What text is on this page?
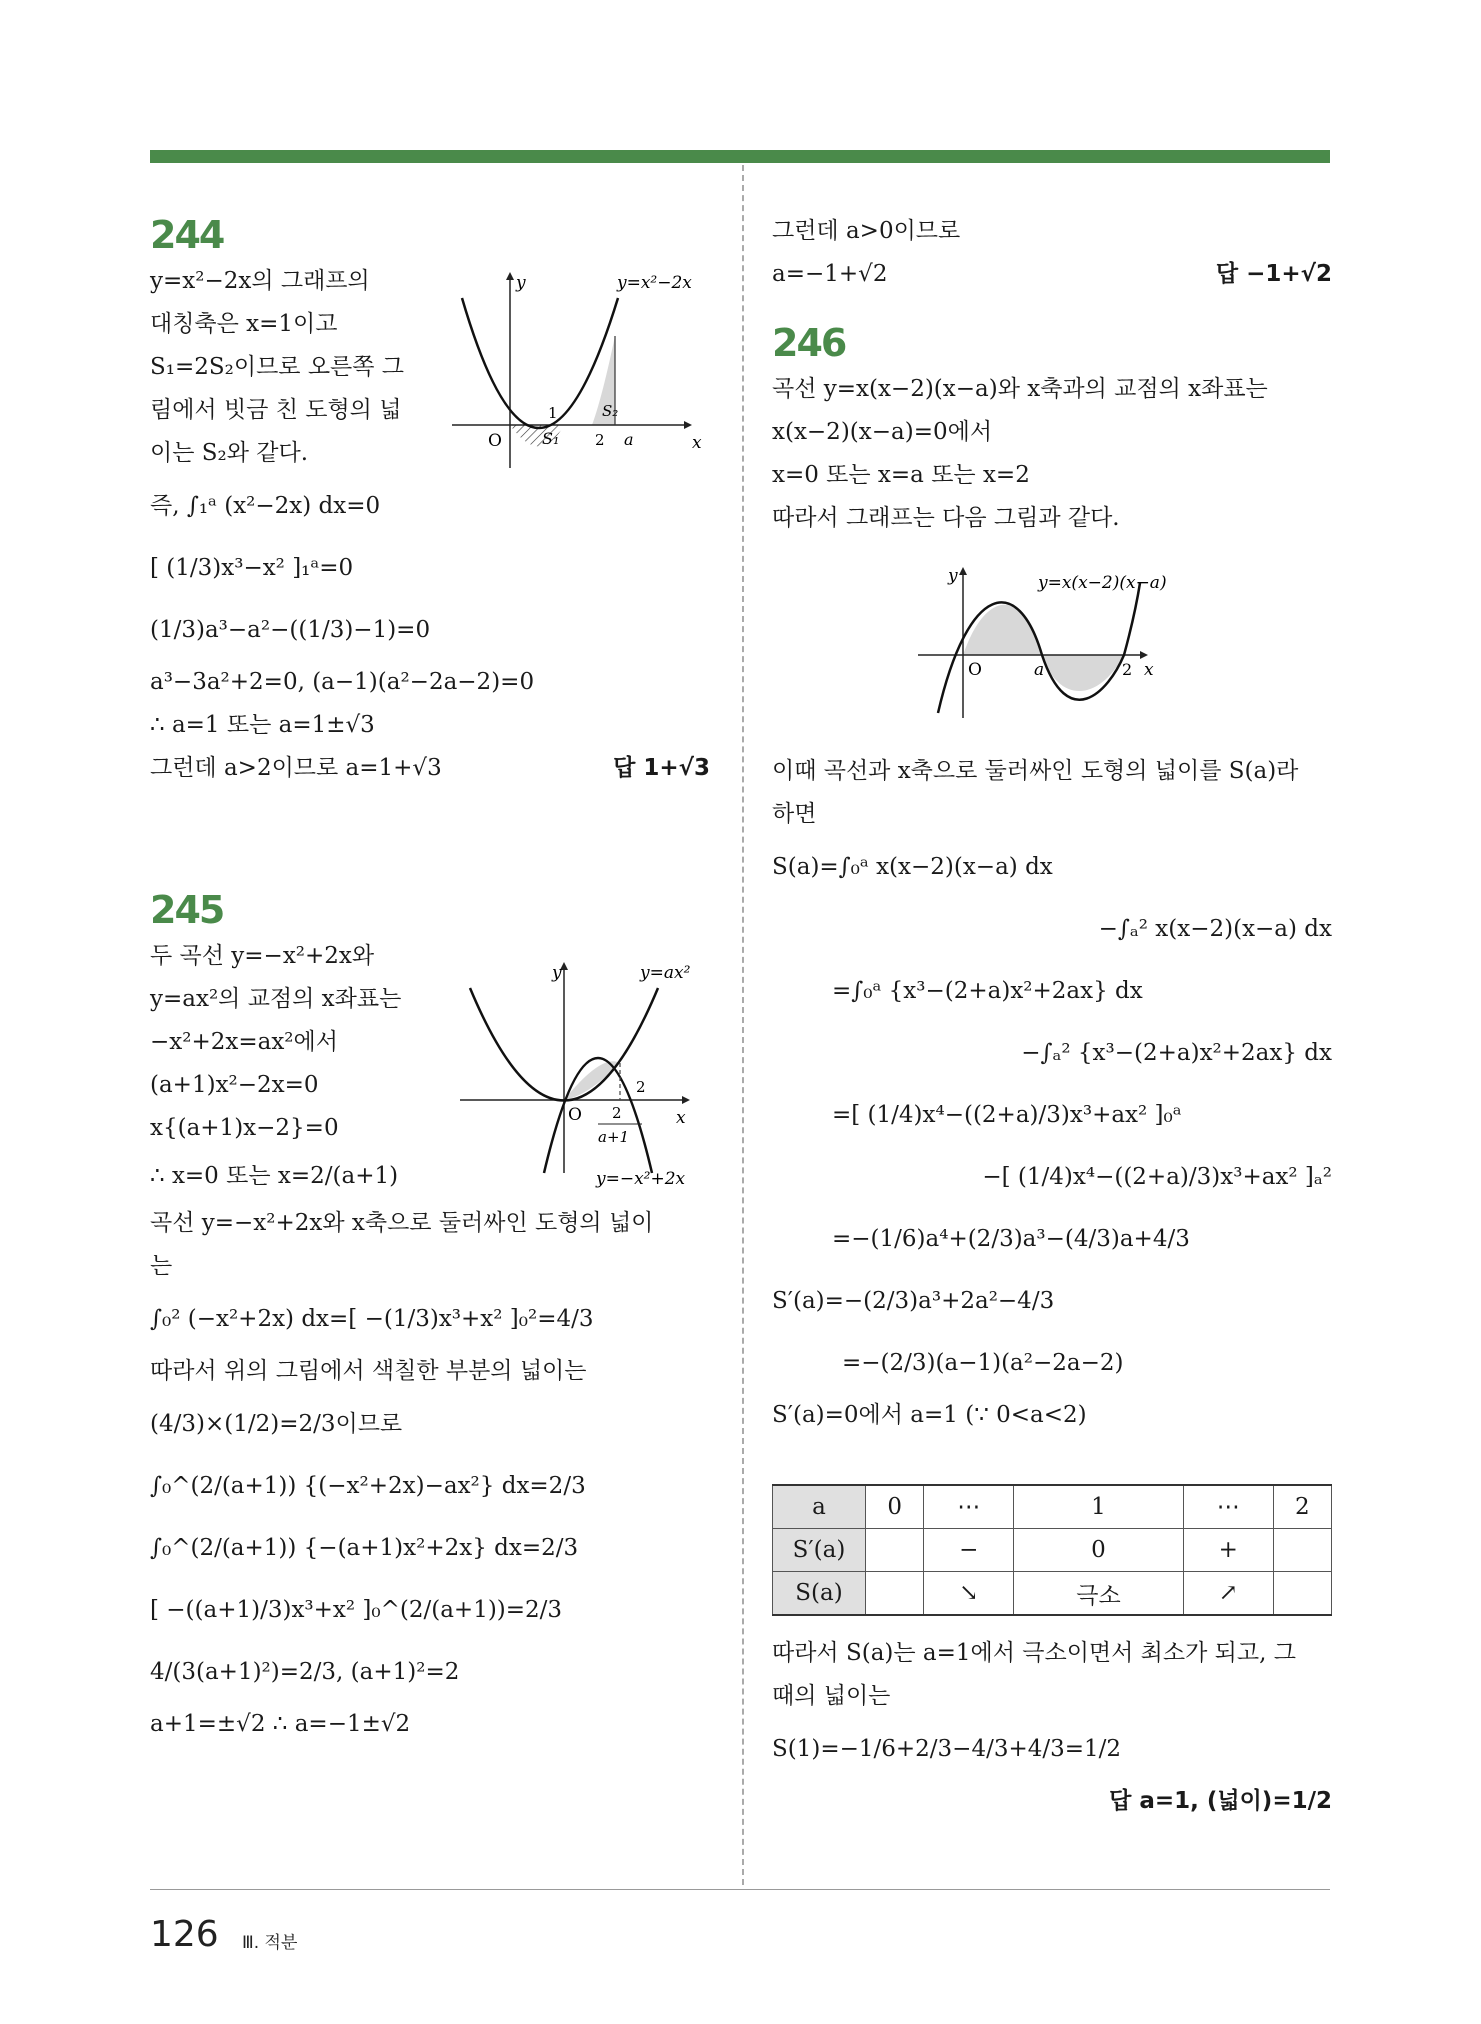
244
y=x²−2x의 그래프의
대칭축은 x=1이고
S₁=2S₂이므로 오른쪽 그
림에서 빗금 친 도형의 넓
이는 S₂와 같다.
즉, ∫₁ᵃ (x²−2x) dx=0
[ (1/3)x³−x² ]₁ᵃ=0
(1/3)a³−a²−((1/3)−1)=0
a³−3a²+2=0, (a−1)(a²−2a−2)=0
∴ a=1 또는 a=1±√3
그런데 a>2이므로 a=1+√3	답 1+√3
245
두 곡선 y=−x²+2x와
y=ax²의 교점의 x좌표는
−x²+2x=ax²에서
(a+1)x²−2x=0
x{(a+1)x−2}=0
∴ x=0 또는 x=2/(a+1)
곡선 y=−x²+2x와 x축으로 둘러싸인 도형의 넓이
는
∫₀² (−x²+2x) dx=[ −(1/3)x³+x² ]₀²=4/3
따라서 위의 그림에서 색칠한 부분의 넓이는
(4/3)×(1/2)=2/3이므로
∫₀^(2/(a+1)) {(−x²+2x)−ax²} dx=2/3
∫₀^(2/(a+1)) {−(a+1)x²+2x} dx=2/3
[ −((a+1)/3)x³+x² ]₀^(2/(a+1))=2/3
4/(3(a+1)²)=2/3, (a+1)²=2
a+1=±√2 ∴ a=−1±√2
y
x
O
1
2 a
S₁
S₂
y=x²−2x
y
x
O
2
2
a+1
y=ax²
y=−x²+2x
그런데 a>0이므로
a=−1+√2	답 −1+√2
246
곡선 y=x(x−2)(x−a)와 x축과의 교점의 x좌표는
x(x−2)(x−a)=0에서
x=0 또는 x=a 또는 x=2
따라서 그래프는 다음 그림과 같다.
이때 곡선과 x축으로 둘러싸인 도형의 넓이를 S(a)라
하면
S(a)=∫₀ᵃ x(x−2)(x−a) dx
−∫ₐ² x(x−2)(x−a) dx
=∫₀ᵃ {x³−(2+a)x²+2ax} dx
−∫ₐ² {x³−(2+a)x²+2ax} dx
=[ (1/4)x⁴−((2+a)/3)x³+ax² ]₀ᵃ
−[ (1/4)x⁴−((2+a)/3)x³+ax² ]ₐ²
=−(1/6)a⁴+(2/3)a³−(4/3)a+4/3
S′(a)=−(2/3)a³+2a²−4/3
=−(2/3)(a−1)(a²−2a−2)
S′(a)=0에서 a=1 (∵ 0<a<2)
y
x
O	a	2
y=x(x−2)(x−a)
a	0	⋯	1	⋯	2
S′(a)		−	0	+	
S(a)		↘	극소	↗	
따라서 S(a)는 a=1에서 극소이면서 최소가 되고, 그
때의 넓이는
S(1)=−1/6+2/3−4/3+4/3=1/2
답 a=1, (넓이)=1/2
126 Ⅲ. 적분
